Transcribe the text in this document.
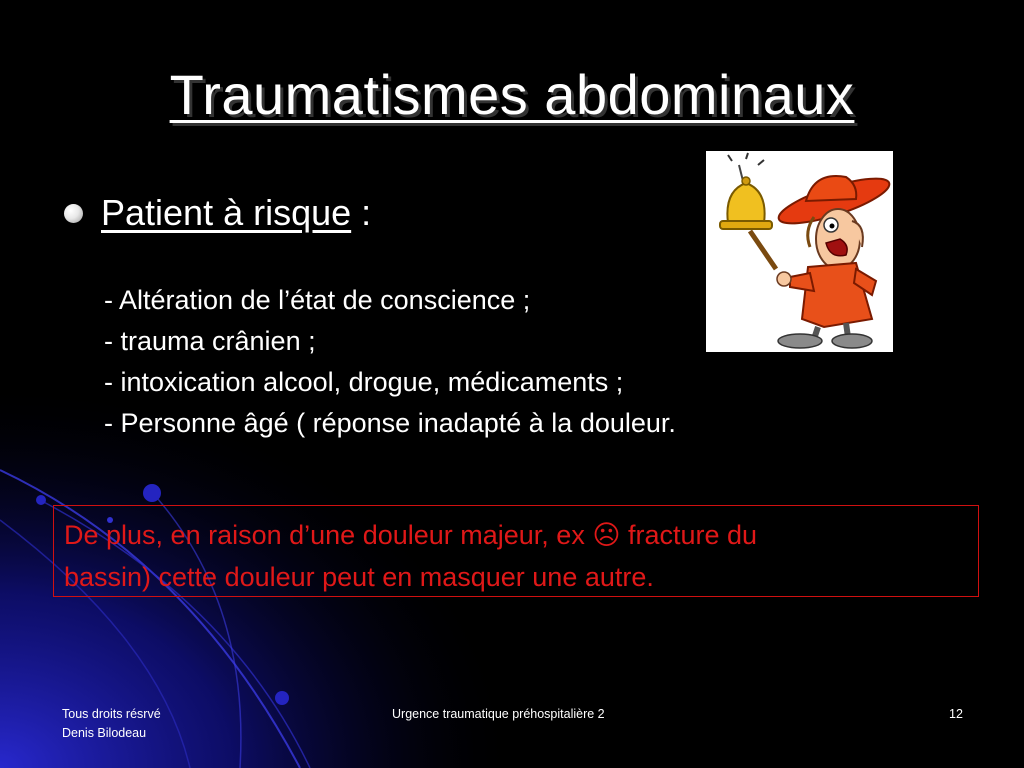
Traumatismes abdominaux
Patient à risque :
- Altération de l’état de conscience ;
- trauma crânien ;
- intoxication alcool, drogue, médicaments ;
- Personne âgé ( réponse inadapté à la douleur.
De plus, en raison d’une douleur majeur, ex ☹ fracture du
bassin) cette douleur peut en masquer une autre.
Tous droits résrvé
Denis Bilodeau
Urgence traumatique préhospitalière 2	12
